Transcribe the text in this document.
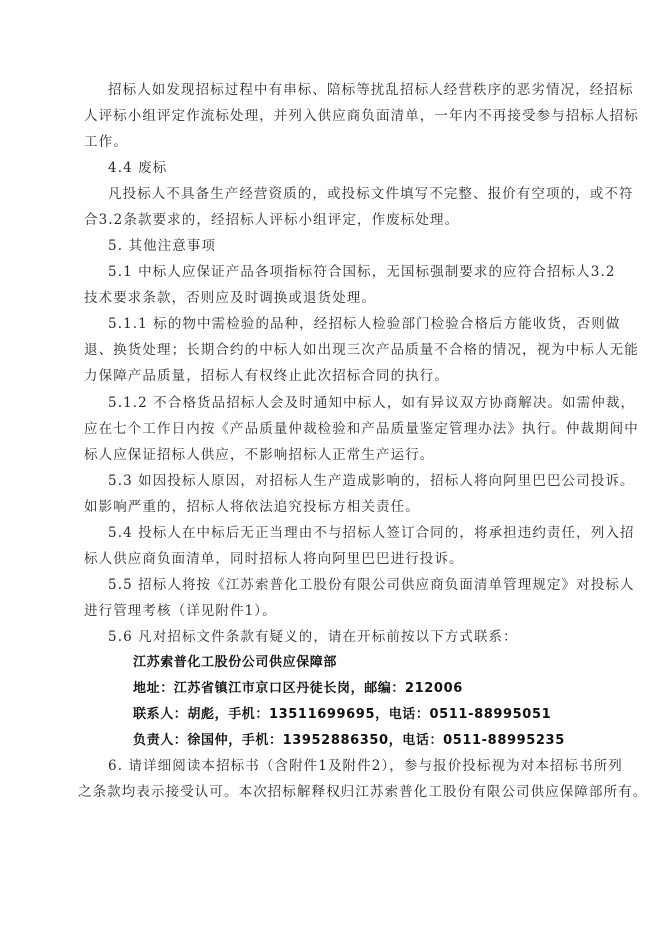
招标人如发现招标过程中有串标、陪标等扰乱招标人经营秩序的恶劣情况，经招标
人评标小组评定作流标处理，并列入供应商负面清单，一年内不再接受参与招标人招标
工作。
4.4 废标
凡投标人不具备生产经营资质的，或投标文件填写不完整、报价有空项的，或不符
合3.2条款要求的，经招标人评标小组评定，作废标处理。
5. 其他注意事项
5.1 中标人应保证产品各项指标符合国标，无国标强制要求的应符合招标人3.2
技术要求条款，否则应及时调换或退货处理。
5.1.1 标的物中需检验的品种，经招标人检验部门检验合格后方能收货，否则做
退、换货处理；长期合约的中标人如出现三次产品质量不合格的情况，视为中标人无能
力保障产品质量，招标人有权终止此次招标合同的执行。
5.1.2 不合格货品招标人会及时通知中标人，如有异议双方协商解决。如需仲裁，
应在七个工作日内按《产品质量仲裁检验和产品质量鉴定管理办法》执行。仲裁期间中
标人应保证招标人供应，不影响招标人正常生产运行。
5.3 如因投标人原因，对招标人生产造成影响的，招标人将向阿里巴巴公司投诉。
如影响严重的，招标人将依法追究投标方相关责任。
5.4 投标人在中标后无正当理由不与招标人签订合同的，将承担违约责任，列入招
标人供应商负面清单，同时招标人将向阿里巴巴进行投诉。
5.5 招标人将按《江苏索普化工股份有限公司供应商负面清单管理规定》对投标人
进行管理考核（详见附件1）。
5.6 凡对招标文件条款有疑义的，请在开标前按以下方式联系：
江苏索普化工股份公司供应保障部
地址：江苏省镇江市京口区丹徒长岗，邮编：212006
联系人：胡彪，手机：13511699695，电话：0511-88995051
负责人：徐国仲，手机：13952886350，电话：0511-88995235
6. 请详细阅读本招标书（含附件1及附件2），参与报价投标视为对本招标书所列
之条款均表示接受认可。本次招标解释权归江苏索普化工股份有限公司供应保障部所有。
